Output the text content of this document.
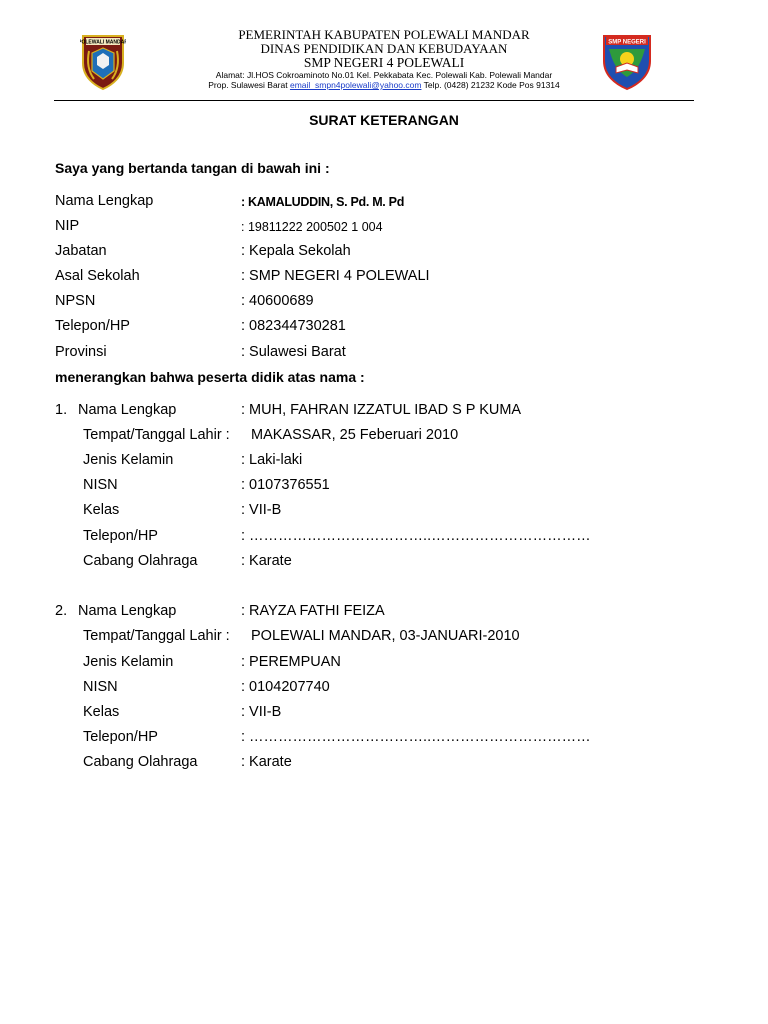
POLEWALI MANDAR	SMP NEGERI
PEMERINTAH KABUPATEN POLEWALI MANDAR
DINAS PENDIDIKAN DAN KEBUDAYAAN
SMP NEGERI 4 POLEWALI
Alamat: Jl.HOS Cokroaminoto No.01 Kel. Pekkabata Kec. Polewali Kab. Polewali Mandar
Prop. Sulawesi Barat email_smpn4polewali@yahoo.com Telp. (0428) 21232 Kode Pos 91314
SURAT KETERANGAN
Saya yang bertanda tangan di bawah ini :
Nama Lengkap	: KAMALUDDIN, S. Pd. M. Pd
NIP	: 19811222 200502 1 004
Jabatan	: Kepala Sekolah
Asal Sekolah	: SMP NEGERI 4 POLEWALI
NPSN	: 40600689
Telepon/HP	: 082344730281
Provinsi	: Sulawesi Barat
menerangkan bahwa peserta didik atas nama :
1. Nama Lengkap	: MUH, FAHRAN IZZATUL IBAD S P KUMA
Tempat/Tanggal Lahir : MAKASSAR, 25 Feberuari 2010
Jenis Kelamin	: Laki-laki
NISN	: 0107376551
Kelas	: VII-B
Telepon/HP	: ………………………………..……………………………
Cabang Olahraga	: Karate
2. Nama Lengkap	: RAYZA FATHI FEIZA
Tempat/Tanggal Lahir : POLEWALI MANDAR, 03-JANUARI-2010
Jenis Kelamin	: PEREMPUAN
NISN	: 0104207740
Kelas	: VII-B
Telepon/HP	: ………………………………..……………………………
Cabang Olahraga	: Karate
